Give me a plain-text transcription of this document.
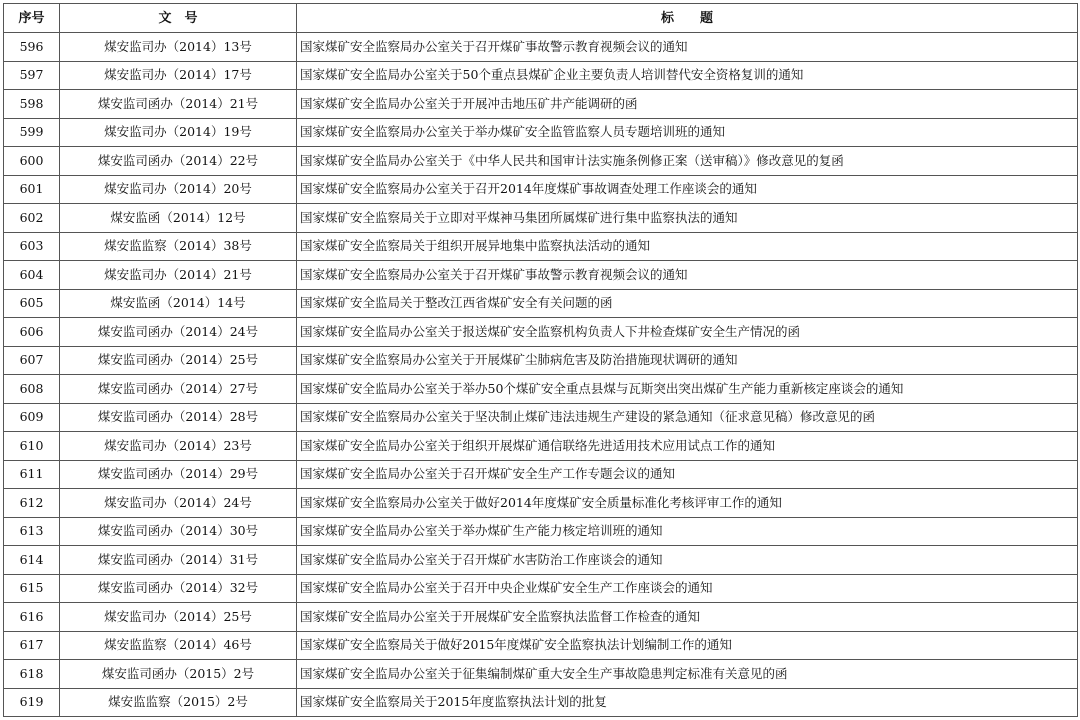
序号	文　号	标　　题
596	煤安监司办（2014）13号	国家煤矿安全监察局办公室关于召开煤矿事故警示教育视频会议的通知
597	煤安监司办（2014）17号	国家煤矿安全监局办公室关于50个重点县煤矿企业主要负责人培训替代安全资格复训的通知
598	煤安监司函办（2014）21号	国家煤矿安全监局办公室关于开展冲击地压矿井产能调研的函
599	煤安监司办（2014）19号	国家煤矿安全监察局办公室关于举办煤矿安全监管监察人员专题培训班的通知
600	煤安监司函办（2014）22号	国家煤矿安全监局办公室关于《中华人民共和国审计法实施条例修正案（送审稿）》修改意见的复函
601	煤安监司办（2014）20号	国家煤矿安全监察局办公室关于召开2014年度煤矿事故调查处理工作座谈会的通知
602	煤安监函（2014）12号	国家煤矿安全监察局关于立即对平煤神马集团所属煤矿进行集中监察执法的通知
603	煤安监监察（2014）38号	国家煤矿安全监察局关于组织开展异地集中监察执法活动的通知
604	煤安监司办（2014）21号	国家煤矿安全监察局办公室关于召开煤矿事故警示教育视频会议的通知
605	煤安监函（2014）14号	国家煤矿安全监局关于整改江西省煤矿安全有关问题的函
606	煤安监司函办（2014）24号	国家煤矿安全监局办公室关于报送煤矿安全监察机构负责人下井检查煤矿安全生产情况的函
607	煤安监司函办（2014）25号	国家煤矿安全监察局办公室关于开展煤矿尘肺病危害及防治措施现状调研的通知
608	煤安监司函办（2014）27号	国家煤矿安全监局办公室关于举办50个煤矿安全重点县煤与瓦斯突出突出煤矿生产能力重新核定座谈会的通知
609	煤安监司函办（2014）28号	国家煤矿安全监察局办公室关于坚决制止煤矿违法违规生产建设的紧急通知（征求意见稿）修改意见的函
610	煤安监司办（2014）23号	国家煤矿安全监局办公室关于组织开展煤矿通信联络先进适用技术应用试点工作的通知
611	煤安监司函办（2014）29号	国家煤矿安全监局办公室关于召开煤矿安全生产工作专题会议的通知
612	煤安监司办（2014）24号	国家煤矿安全监察局办公室关于做好2014年度煤矿安全质量标准化考核评审工作的通知
613	煤安监司函办（2014）30号	国家煤矿安全监局办公室关于举办煤矿生产能力核定培训班的通知
614	煤安监司函办（2014）31号	国家煤矿安全监局办公室关于召开煤矿水害防治工作座谈会的通知
615	煤安监司函办（2014）32号	国家煤矿安全监局办公室关于召开中央企业煤矿安全生产工作座谈会的通知
616	煤安监司办（2014）25号	国家煤矿安全监局办公室关于开展煤矿安全监察执法监督工作检查的通知
617	煤安监监察（2014）46号	国家煤矿安全监察局关于做好2015年度煤矿安全监察执法计划编制工作的通知
618	煤安监司函办（2015）2号	国家煤矿安全监局办公室关于征集编制煤矿重大安全生产事故隐患判定标准有关意见的函
619	煤安监监察（2015）2号	国家煤矿安全监察局关于2015年度监察执法计划的批复
